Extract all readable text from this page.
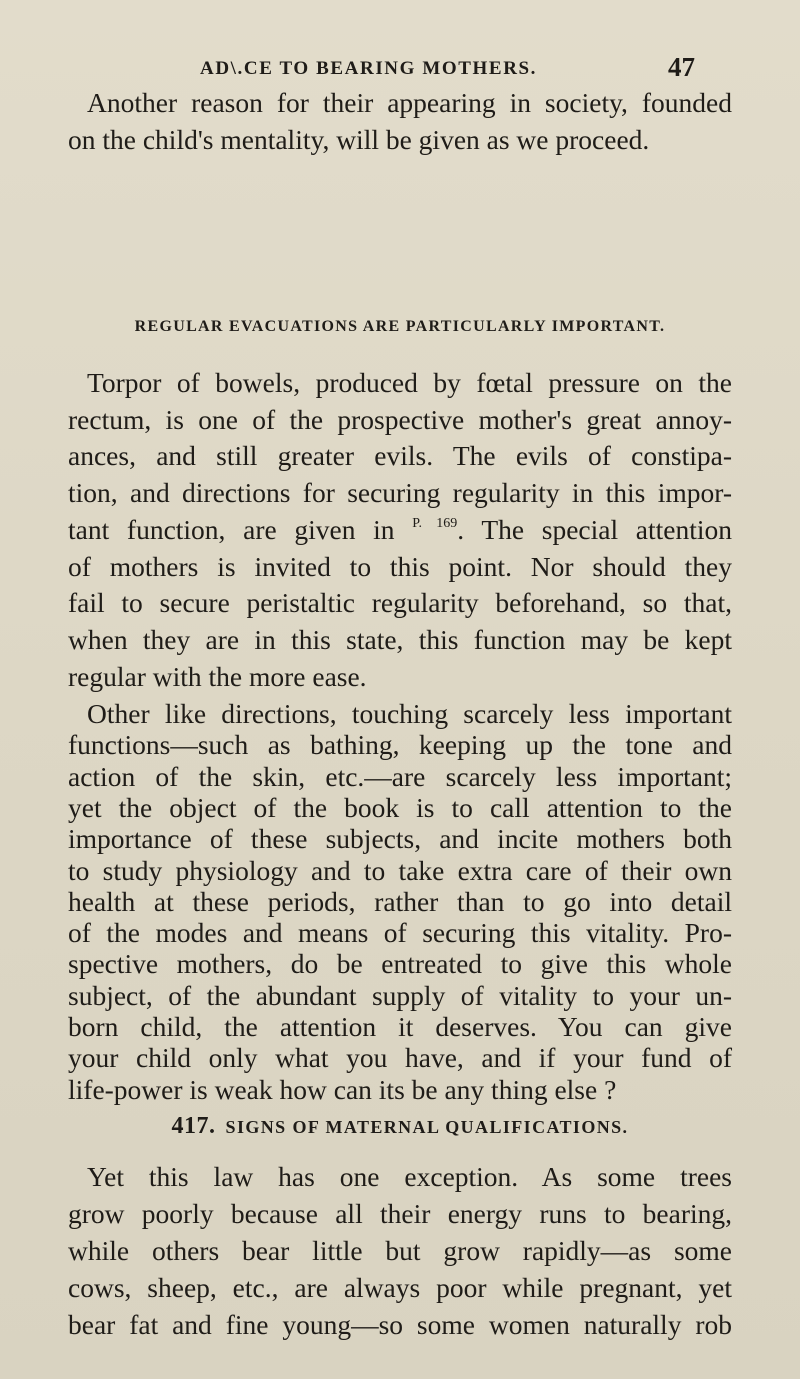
AD\.CE TO BEARING MOTHERS.	47
Another reason for their appearing in society, founded
on the child's mentality, will be given as we proceed.
REGULAR EVACUATIONS ARE PARTICULARLY IMPORTANT.
Torpor of bowels, produced by fœtal pressure on the
rectum, is one of the prospective mother's great annoy-
ances, and still greater evils. The evils of constipa-
tion, and directions for securing regularity in this impor-
tant function, are given in $^{P. 169}$. The special attention
of mothers is invited to this point. Nor should they
fail to secure peristaltic regularity beforehand, so that,
when they are in this state, this function may be kept
regular with the more ease.
Other like directions, touching scarcely less important
functions—such as bathing, keeping up the tone and
action of the skin, etc.—are scarcely less important;
yet the object of the book is to call attention to the
importance of these subjects, and incite mothers both
to study physiology and to take extra care of their own
health at these periods, rather than to go into detail
of the modes and means of securing this vitality. Pro-
spective mothers, do be entreated to give this whole
subject, of the abundant supply of vitality to your un-
born child, the attention it deserves. You can give
417. SIGNS OF MATERNAL QUALIFICATIONS.
Yet this law has one exception. As some trees
grow poorly because all their energy runs to bearing,
while others bear little but grow rapidly—as some
cows, sheep, etc., are always poor while pregnant, yet
bear fat and fine young—so some women naturally rob
your child only what you have, and if your fund of
life-power is weak how can its be any thing else ?
